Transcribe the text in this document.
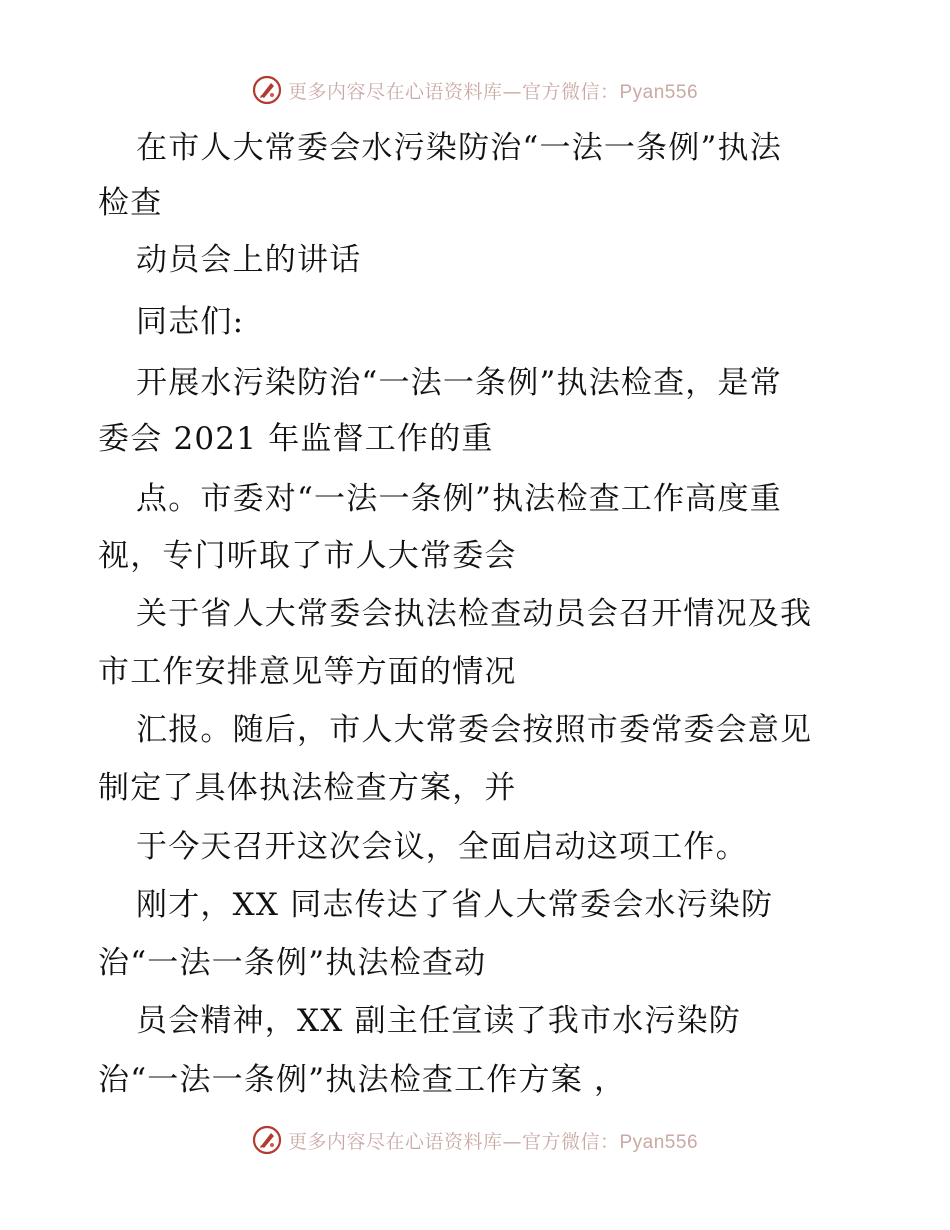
更多内容尽在心语资料库—官方微信：Pyan556
在市人大常委会水污染防治“一法一条例”执法
检查
动员会上的讲话
同志们:
开展水污染防治“一法一条例”执法检查，是常
委会 2021 年监督工作的重
点。市委对“一法一条例”执法检查工作高度重
视，专门听取了市人大常委会
关于省人大常委会执法检查动员会召开情况及我
市工作安排意见等方面的情况
汇报。随后，市人大常委会按照市委常委会意见
制定了具体执法检查方案，并
于今天召开这次会议，全面启动这项工作。
刚才，XX 同志传达了省人大常委会水污染防
治“一法一条例”执法检查动
员会精神，XX 副主任宣读了我市水污染防
治“一法一条例”执法检查工作方案 ，
更多内容尽在心语资料库—官方微信：Pyan556
